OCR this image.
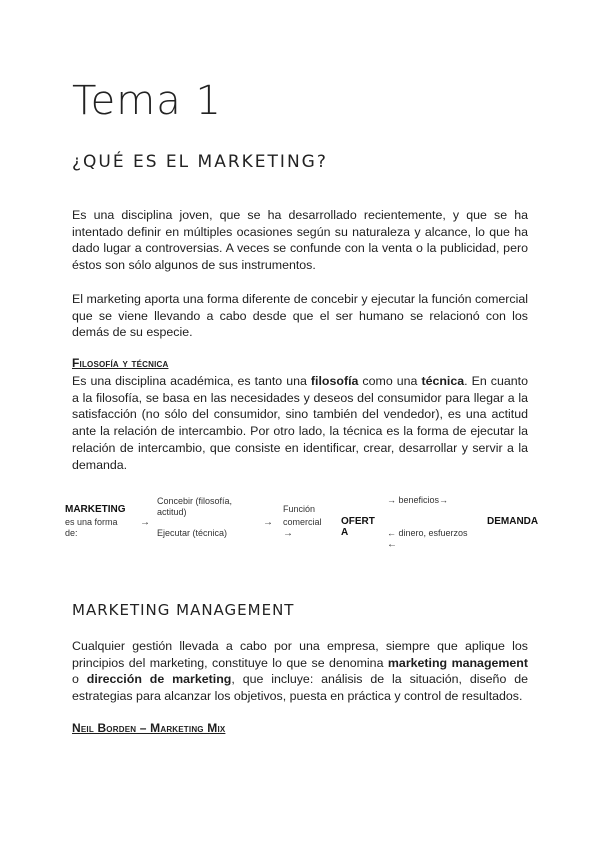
Tema 1
¿QUÉ ES EL MARKETING?
Es una disciplina joven, que se ha desarrollado recientemente, y que se ha intentado definir en múltiples ocasiones según su naturaleza y alcance, lo que ha dado lugar a controversias. A veces se confunde con la venta o la publicidad, pero éstos son sólo algunos de sus instrumentos.
El marketing aporta una forma diferente de concebir y ejecutar la función comercial que se viene llevando a cabo desde que el ser humano se relacionó con los demás de su especie.
Filosofía y técnica
Es una disciplina académica, es tanto una filosofía como una técnica. En cuanto a la filosofía, se basa en las necesidades y deseos del consumidor para llegar a la satisfacción (no sólo del consumidor, sino también del vendedor), es una actitud ante la relación de intercambio. Por otro lado, la técnica es la forma de ejecutar la relación de intercambio, que consiste en identificar, crear, desarrollar y servir a la demanda.
MARKETING
es una forma
de:
→
Concebir (filosofía,
actitud)
Ejecutar (técnica)
→
Función
comercial
→
OFERT
A
→ beneficios→
← dinero, esfuerzos
←
DEMANDA
MARKETING MANAGEMENT
Cualquier gestión llevada a cabo por una empresa, siempre que aplique los principios del marketing, constituye lo que se denomina marketing management o dirección de marketing, que incluye: análisis de la situación, diseño de estrategias para alcanzar los objetivos, puesta en práctica y control de resultados.
Neil Borden – Marketing Mix
